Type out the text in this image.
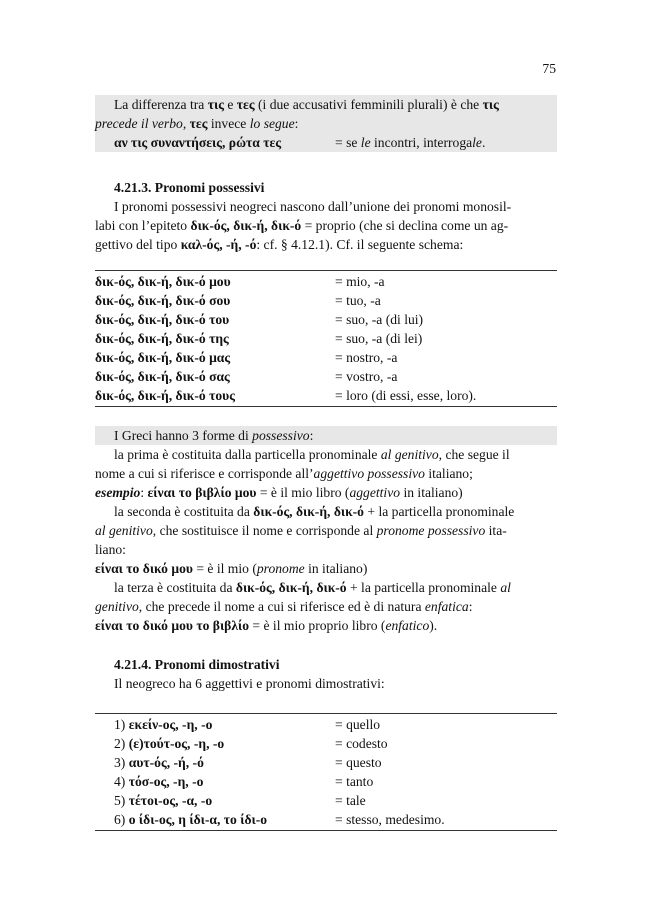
75
La differenza tra τις e τες (i due accusativi femminili plurali) è che τις
precede il verbo, τες invece lo segue:
αν τις συναντήσεις, ρώτα τες	= se le incontri, interrogale.
4.21.3. Pronomi possessivi
I pronomi possessivi neogreci nascono dall’unione dei pronomi monosil-
labi con l’epiteto δικ-ός, δικ-ή, δικ-ό = proprio (che si declina come un ag-
gettivo del tipo καλ-ός, -ή, -ό: cf. § 4.12.1). Cf. il seguente schema:
δικ-ός, δικ-ή, δικ-ό μου	= mio, -a
δικ-ός, δικ-ή, δικ-ό σου	= tuo, -a
δικ-ός, δικ-ή, δικ-ό του	= suo, -a (di lui)
δικ-ός, δικ-ή, δικ-ό της	= suo, -a (di lei)
δικ-ός, δικ-ή, δικ-ό μας	= nostro, -a
δικ-ός, δικ-ή, δικ-ό σας	= vostro, -a
δικ-ός, δικ-ή, δικ-ό τους	= loro (di essi, esse, loro).
I Greci hanno 3 forme di possessivo:
la prima è costituita dalla particella pronominale al genitivo, che segue il
nome a cui si riferisce e corrisponde all’aggettivo possessivo italiano;
esempio: είναι το βιβλίο μου = è il mio libro (aggettivo in italiano)
la seconda è costituita da δικ-ός, δικ-ή, δικ-ό + la particella pronominale
al genitivo, che sostituisce il nome e corrisponde al pronome possessivo ita-
liano:
είναι το δικό μου = è il mio (pronome in italiano)
la terza è costituita da δικ-ός, δικ-ή, δικ-ό + la particella pronominale al
genitivo, che precede il nome a cui si riferisce ed è di natura enfatica:
είναι το δικό μου το βιβλίο = è il mio proprio libro (enfatico).
4.21.4. Pronomi dimostrativi
Il neogreco ha 6 aggettivi e pronomi dimostrativi:
1) εκείν-ος, -η, -ο	= quello
2) (ε)τούτ-ος, -η, -ο	= codesto
3) αυτ-ός, -ή, -ό	= questo
4) τόσ-ος, -η, -ο	= tanto
5) τέτοι-ος, -α, -ο	= tale
6) ο ίδι-ος, η ίδι-α, το ίδι-ο	= stesso, medesimo.
